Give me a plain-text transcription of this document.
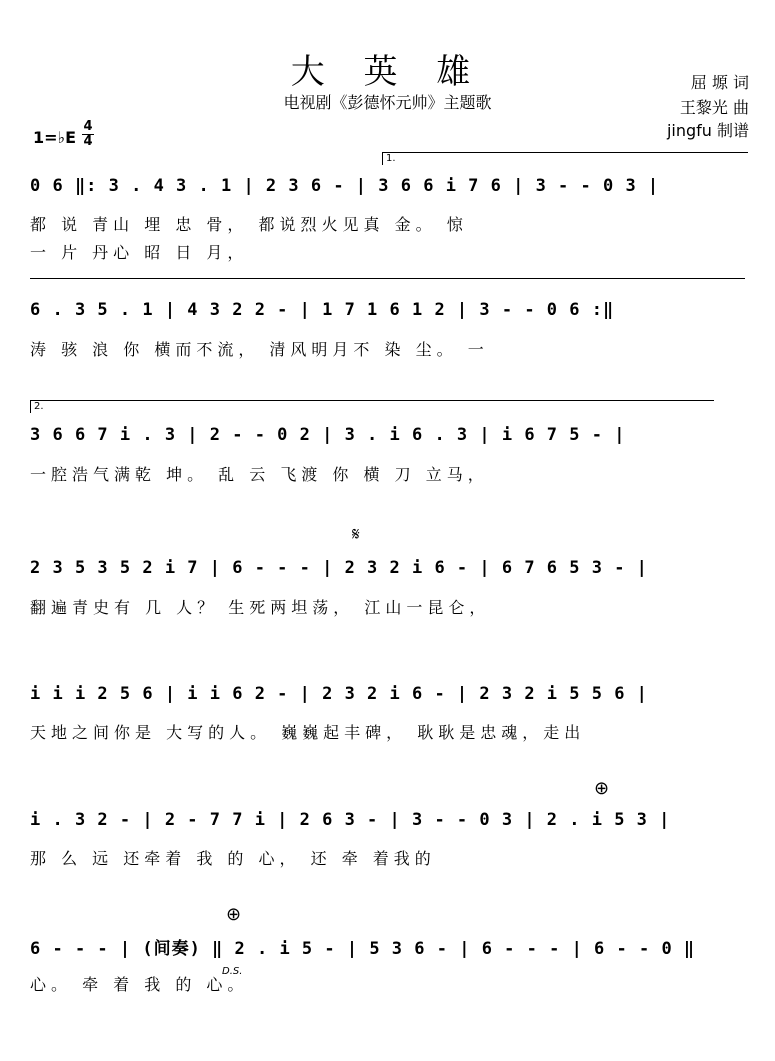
大 英 雄
电视剧《彭德怀元帅》主题歌
屈 塬 词
王黎光 曲
jingfu 制谱
1=♭E
4
4
1.
2.
𝄋
⊕
⊕
D.S.
0 6 ‖: 3 . 4 3 . 1 | 2 3 6 - | 3 6 6 i 7 6 | 3 - - 0 3 |
都 说 青山 埋 忠 骨， 都说烈火见真 金。 惊
一 片 丹心 昭 日 月，
6 . 3 5 . 1 | 4 3 2 2 - | 1 7 1 6 1 2 | 3 - - 0 6 :‖
涛 骇 浪 你 横而不流， 清风明月不 染 尘。 一
3 6 6 7 i . 3 | 2 - - 0 2 | 3 . i 6 . 3 | i 6 7 5 - |
一腔浩气满乾 坤。 乱 云 飞渡 你 横 刀 立马，
2 3 5 3 5 2 i 7 | 6 - - - | 2 3 2 i 6 - | 6 7 6 5 3 - |
翻遍青史有 几 人？ 生死两坦荡， 江山一昆仑，
i i i 2 5 6 | i i 6 2 - | 2 3 2 i 6 - | 2 3 2 i 5 5 6 |
天地之间你是 大写的人。 巍巍起丰碑， 耿耿是忠魂，走出
i . 3 2 - | 2 - 7 7 i | 2 6 3 - | 3 - - 0 3 | 2 . i 5 3 |
那 么 远 还牵着 我 的 心， 还 牵 着我的
6 - - - | (间奏) ‖ 2 . i 5 - | 5 3 6 - | 6 - - - | 6 - - 0 ‖
心。 牵 着 我 的 心。
